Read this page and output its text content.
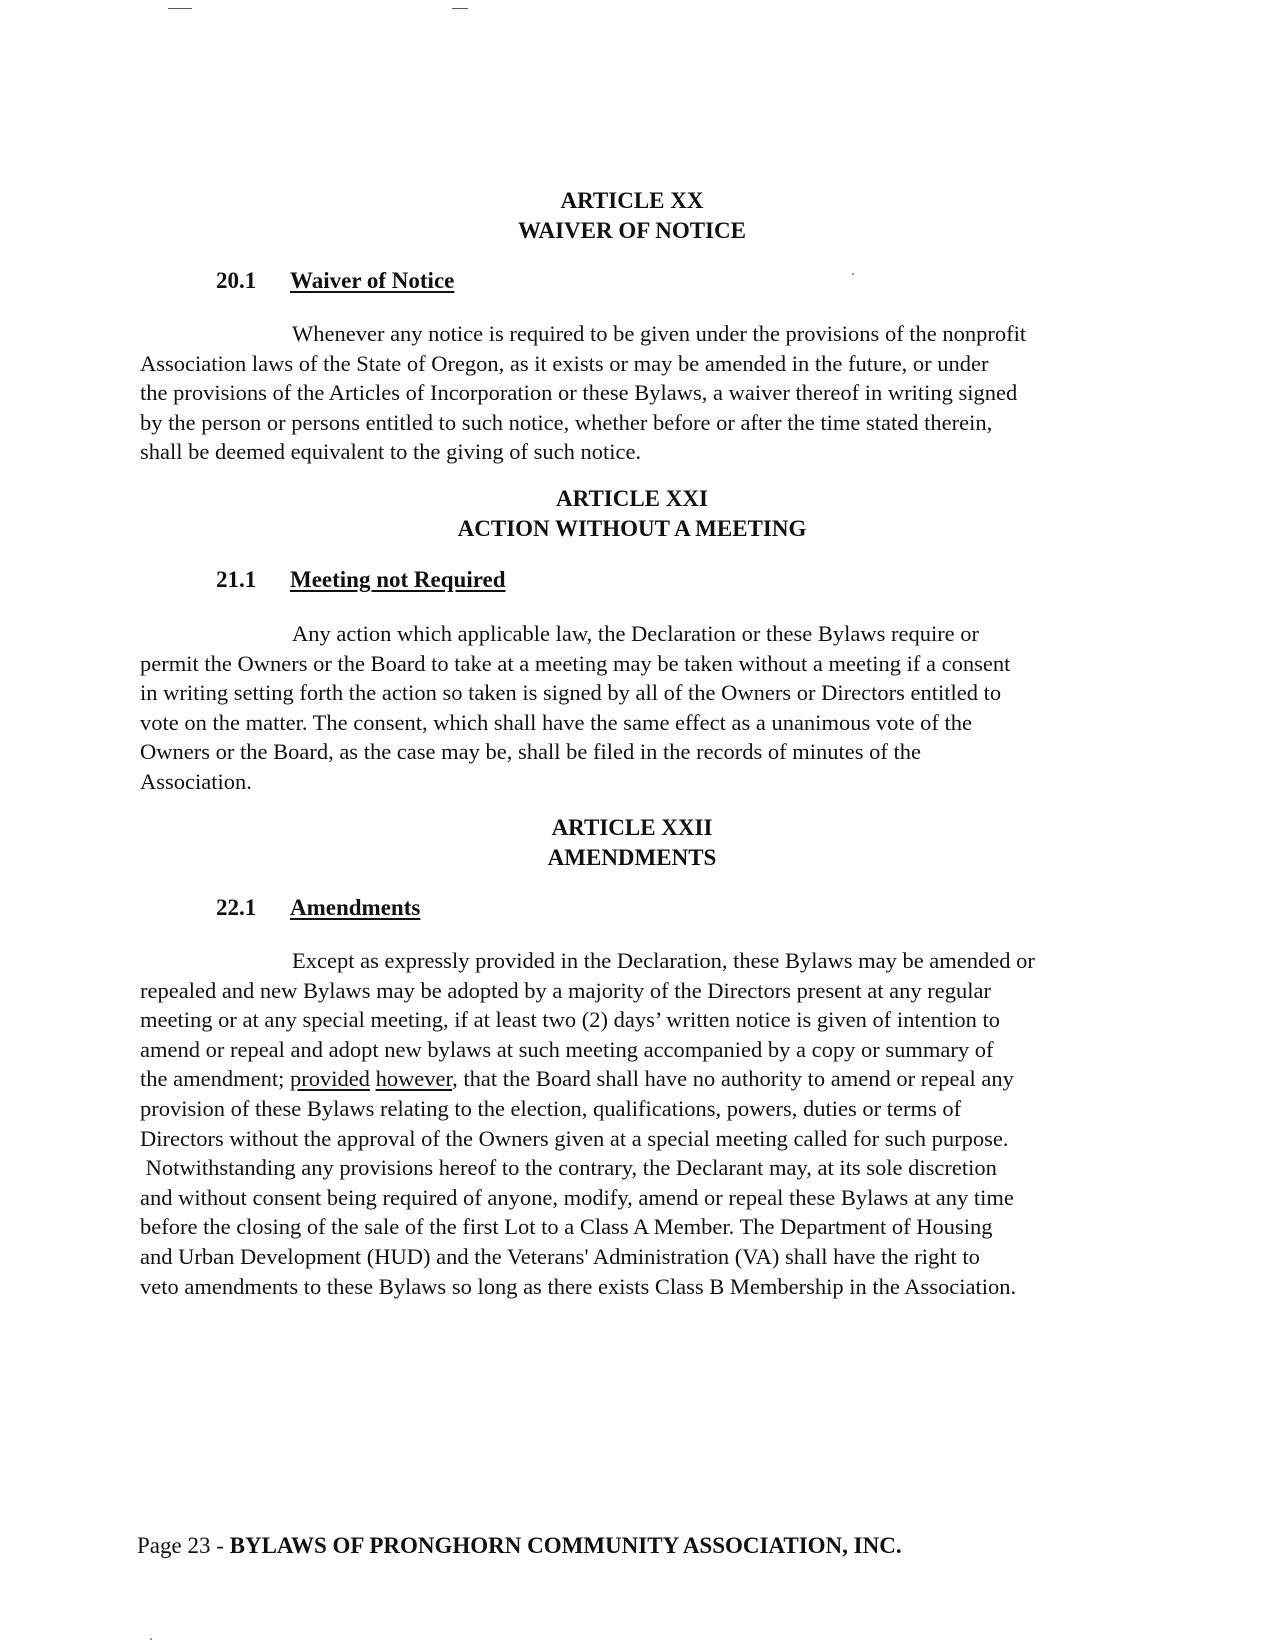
ARTICLE XX
WAIVER OF NOTICE
20.1 Waiver of Notice
Whenever any notice is required to be given under the provisions of the nonprofit
Association laws of the State of Oregon, as it exists or may be amended in the future, or under
the provisions of the Articles of Incorporation or these Bylaws, a waiver thereof in writing signed
by the person or persons entitled to such notice, whether before or after the time stated therein,
shall be deemed equivalent to the giving of such notice.
ARTICLE XXI
ACTION WITHOUT A MEETING
21.1 Meeting not Required
Any action which applicable law, the Declaration or these Bylaws require or
permit the Owners or the Board to take at a meeting may be taken without a meeting if a consent
in writing setting forth the action so taken is signed by all of the Owners or Directors entitled to
vote on the matter. The consent, which shall have the same effect as a unanimous vote of the
Owners or the Board, as the case may be, shall be filed in the records of minutes of the
Association.
ARTICLE XXII
AMENDMENTS
22.1 Amendments
Except as expressly provided in the Declaration, these Bylaws may be amended or
repealed and new Bylaws may be adopted by a majority of the Directors present at any regular
meeting or at any special meeting, if at least two (2) days’ written notice is given of intention to
amend or repeal and adopt new bylaws at such meeting accompanied by a copy or summary of
the amendment; provided however, that the Board shall have no authority to amend or repeal any
provision of these Bylaws relating to the election, qualifications, powers, duties or terms of
Directors without the approval of the Owners given at a special meeting called for such purpose.
Notwithstanding any provisions hereof to the contrary, the Declarant may, at its sole discretion
and without consent being required of anyone, modify, amend or repeal these Bylaws at any time
before the closing of the sale of the first Lot to a Class A Member. The Department of Housing
and Urban Development (HUD) and the Veterans' Administration (VA) shall have the right to
veto amendments to these Bylaws so long as there exists Class B Membership in the Association.
Page 23 - BYLAWS OF PRONGHORN COMMUNITY ASSOCIATION, INC.
